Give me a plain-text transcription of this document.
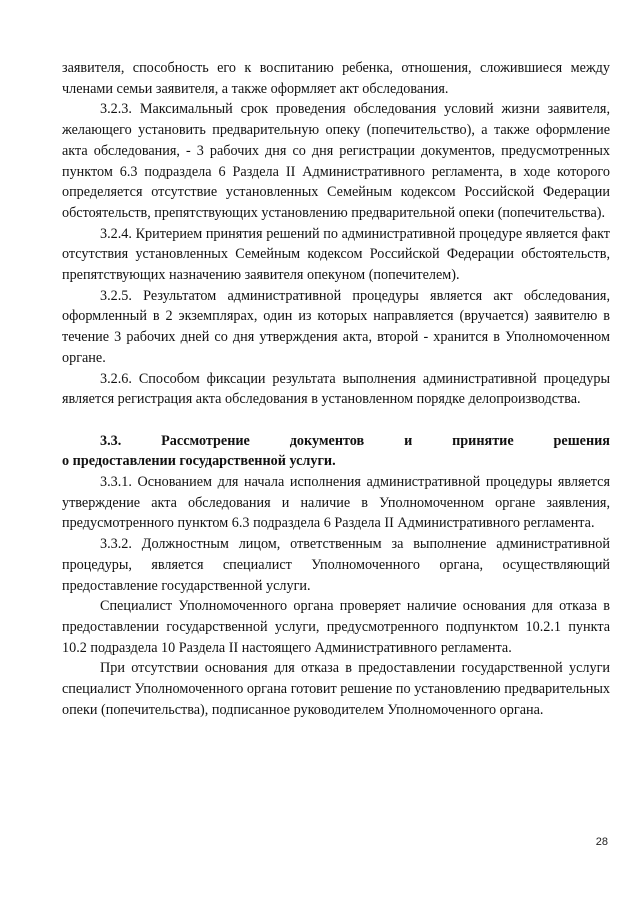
заявителя, способность его к воспитанию ребенка, отношения, сложившиеся между членами семьи заявителя, а также оформляет акт обследования.

3.2.3. Максимальный срок проведения обследования условий жизни заявителя, желающего установить предварительную опеку (попечительство), а также оформление акта обследования, - 3 рабочих дня со дня регистрации документов, предусмотренных пунктом 6.3 подраздела 6 Раздела II Административного регламента, в ходе которого определяется отсутствие установленных Семейным кодексом Российской Федерации обстоятельств, препятствующих установлению предварительной опеки (попечительства).

3.2.4. Критерием принятия решений по административной процедуре является факт отсутствия установленных Семейным кодексом Российской Федерации обстоятельств, препятствующих назначению заявителя опекуном (попечителем).

3.2.5. Результатом административной процедуры является акт обследования, оформленный в 2 экземплярах, один из которых направляется (вручается) заявителю в течение 3 рабочих дней со дня утверждения акта, второй - хранится в Уполномоченном органе.

3.2.6. Способом фиксации результата выполнения административной процедуры является регистрация акта обследования в установленном порядке делопроизводства.

3.3.	Рассмотрение	документов	и	принятие	решения
о предоставлении государственной услуги.

3.3.1. Основанием для начала исполнения административной процедуры является утверждение акта обследования и наличие в Уполномоченном органе заявления, предусмотренного пунктом 6.3 подраздела 6 Раздела II Административного регламента.

3.3.2. Должностным лицом, ответственным за выполнение административной процедуры, является специалист Уполномоченного органа, осуществляющий предоставление государственной услуги.

Специалист Уполномоченного органа проверяет наличие основания для отказа в предоставлении государственной услуги, предусмотренного подпунктом 10.2.1 пункта 10.2 подраздела 10 Раздела II настоящего Административного регламента.

При отсутствии основания для отказа в предоставлении государственной услуги специалист Уполномоченного органа готовит решение по установлению предварительных опеки (попечительства), подписанное руководителем Уполномоченного органа.

28
